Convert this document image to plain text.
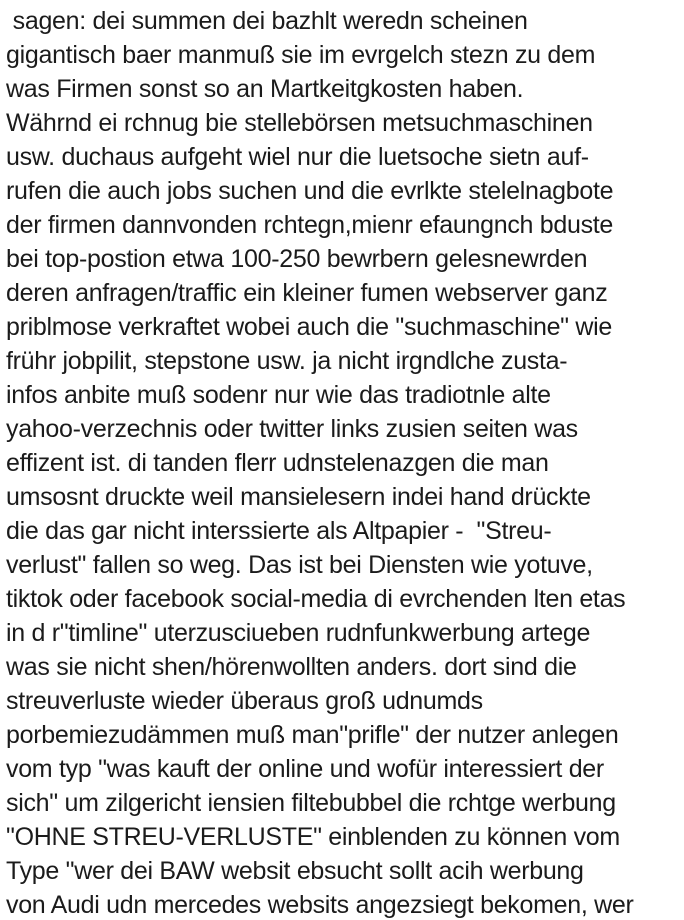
sagen: dei summen dei bazhlt weredn scheinen
gigantisch baer manmuß sie im evrgelch stezn zu dem
was Firmen sonst so an Martkeitgkosten haben.
Währnd ei rchnug bie stellebörsen metsuchmaschinen
usw. duchaus aufgeht wiel nur die luetsoche sietn auf-
rufen die auch jobs suchen und die evrlkte stelelnagbote
der firmen dannvonden rchtegn,mienr efaungnch bduste
bei top-postion etwa 100-250 bewrbern gelesnewrden
deren anfragen/traffic ein kleiner fumen webserver ganz
priblmose verkraftet wobei auch die "suchmaschine" wie
frühr jobpilit, stepstone usw. ja nicht irgndlche zusta-
infos anbite muß sodenr nur wie das tradiotnle alte
yahoo-verzechnis oder twitter links zusien seiten was
effizent ist. di tanden flerr udnstelenazgen die man
umsosnt druckte weil mansielesern indei hand drückte
die das gar nicht interssierte als Altpapier -  "Streu-
verlust" fallen so weg. Das ist bei Diensten wie yotuve,
tiktok oder facebook social-media di evrchenden lten etas
in d r"timline" uterzusciueben rudnfunkwerbung artege
was sie nicht shen/hörenwollten anders. dort sind die
streuverluste wieder überaus groß udnumds
porbemiezudämmen muß man"prifle" der nutzer anlegen
vom typ "was kauft der online und wofür interessiert der
sich" um zilgericht iensien filtebubbel die rchtge werbung
"OHNE STREU-VERLUSTE" einblenden zu können vom
Type "wer dei BAW websit ebsucht sollt acih werbung
von Audi udn mercedes websits angezsiegt bekomen, wer
